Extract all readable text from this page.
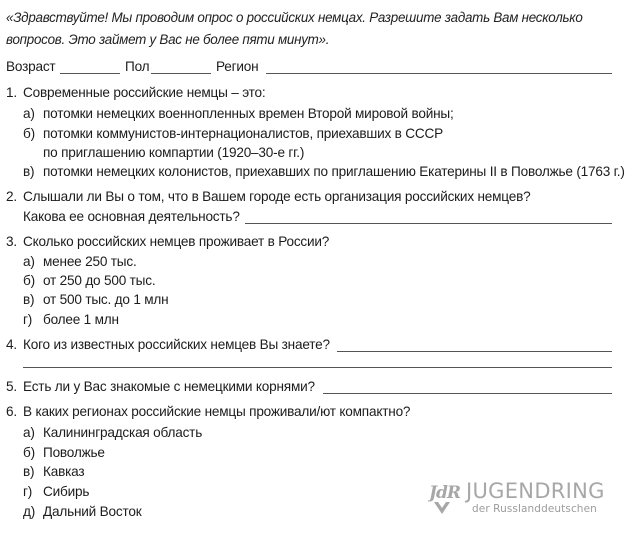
«Здравствуйте! Мы проводим опрос о российских немцах. Разрешите задать Вам несколько вопросов. Это займет у Вас не более пяти минут».
Возраст	Пол	Регион
1. Современные российские немцы – это:
а) потомки немецких военнопленных времен Второй мировой войны;
б) потомки коммунистов-интернационалистов, приехавших в СССР
по приглашению компартии (1920–30-е гг.)
в) потомки немецких колонистов, приехавших по приглашению Екатерины II в Поволжье (1763 г.)
2. Слышали ли Вы о том, что в Вашем городе есть организация российских немцев?
Какова ее основная деятельность?
3. Сколько российских немцев проживает в России?
а) менее 250 тыс.
б) от 250 до 500 тыс.
в) от 500 тыс. до 1 млн
г) более 1 млн
4. Кого из известных российских немцев Вы знаете?
5. Есть ли у Вас знакомые с немецкими корнями?
6. В каких регионах российские немцы проживали/ют компактно?
а) Калининградская область
б) Поволжье
в) Кавказ
г) Сибирь
д) Дальний Восток
JdR JUGENDRING
der Russlanddeutschen
